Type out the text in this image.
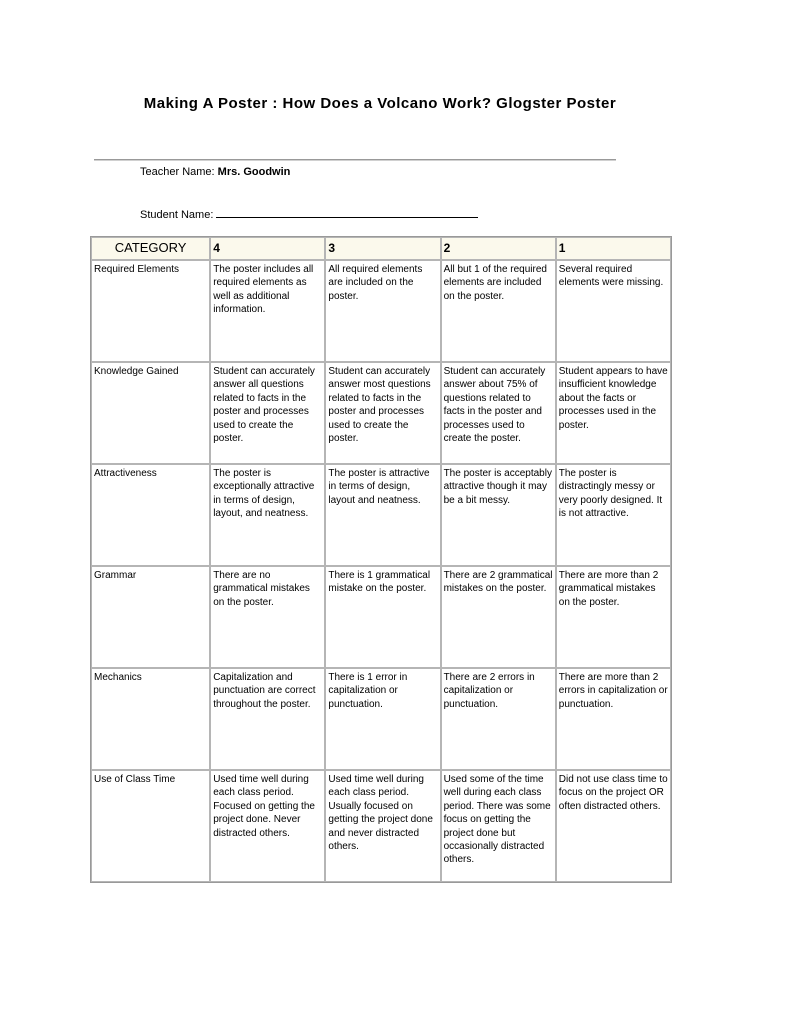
Making A Poster : How Does a Volcano Work? Glogster Poster
Teacher Name: Mrs. Goodwin
Student Name:
CATEGORY	4	3	2	1
Required Elements	The poster includes all required elements as well as additional information.	All required elements are included on the poster.	All but 1 of the required elements are included on the poster.	Several required elements were missing.
Knowledge Gained	Student can accurately answer all questions related to facts in the poster and processes used to create the poster.	Student can accurately answer most questions related to facts in the poster and processes used to create the poster.	Student can accurately answer about 75% of questions related to facts in the poster and processes used to create the poster.	Student appears to have insufficient knowledge about the facts or processes used in the poster.
Attractiveness	The poster is exceptionally attractive in terms of design, layout, and neatness.	The poster is attractive in terms of design, layout and neatness.	The poster is acceptably attractive though it may be a bit messy.	The poster is distractingly messy or very poorly designed. It is not attractive.
Grammar	There are no grammatical mistakes on the poster.	There is 1 grammatical mistake on the poster.	There are 2 grammatical mistakes on the poster.	There are more than 2 grammatical mistakes on the poster.
Mechanics	Capitalization and punctuation are correct throughout the poster.	There is 1 error in capitalization or punctuation.	There are 2 errors in capitalization or punctuation.	There are more than 2 errors in capitalization or punctuation.
Use of Class Time	Used time well during each class period. Focused on getting the project done. Never distracted others.	Used time well during each class period. Usually focused on getting the project done and never distracted others.	Used some of the time well during each class period. There was some focus on getting the project done but occasionally distracted others.	Did not use class time to focus on the project OR often distracted others.
